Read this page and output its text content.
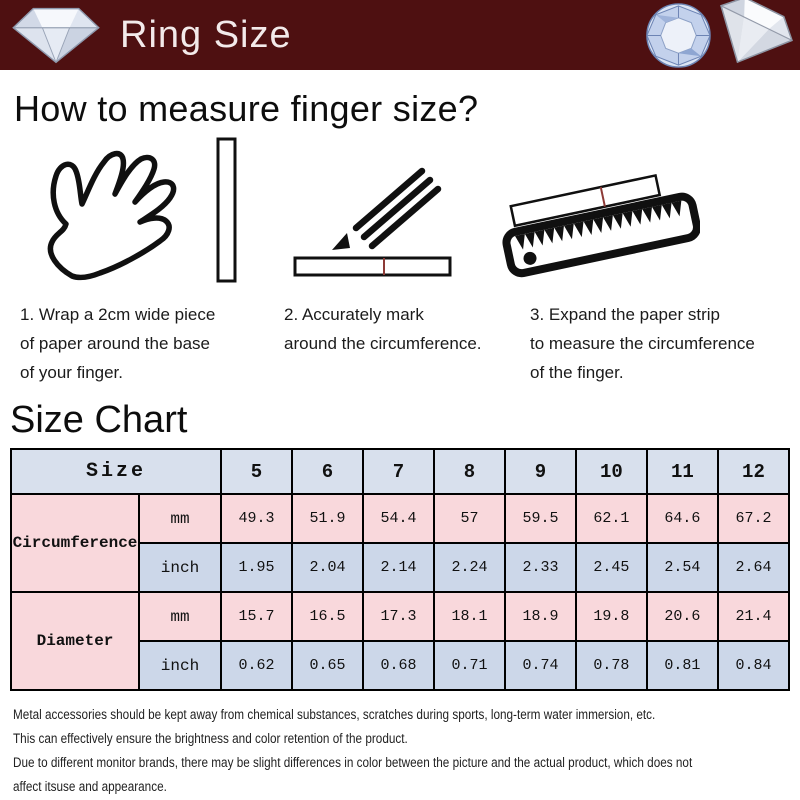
Ring Size
How to measure finger size?
1. Wrap a 2cm wide piece
of paper around the base
of your finger.
2. Accurately mark
around the circumference.
3. Expand the paper strip
to measure the circumference
of the finger.
Size Chart
Size		5	6	7	8	9	10	11	12
Circumference	mm	49.3	51.9	54.4	57	59.5	62.1	64.6	67.2
	inch	1.95	2.04	2.14	2.24	2.33	2.45	2.54	2.64
Diameter	mm	15.7	16.5	17.3	18.1	18.9	19.8	20.6	21.4
	inch	0.62	0.65	0.68	0.71	0.74	0.78	0.81	0.84
Metal accessories should be kept away from chemical substances, scratches during sports, long-term water immersion, etc.
This can effectively ensure the brightness and color retention of the product.
Due to different monitor brands, there may be slight differences in color between the picture and the actual product, which does not
affect itsuse and appearance.
